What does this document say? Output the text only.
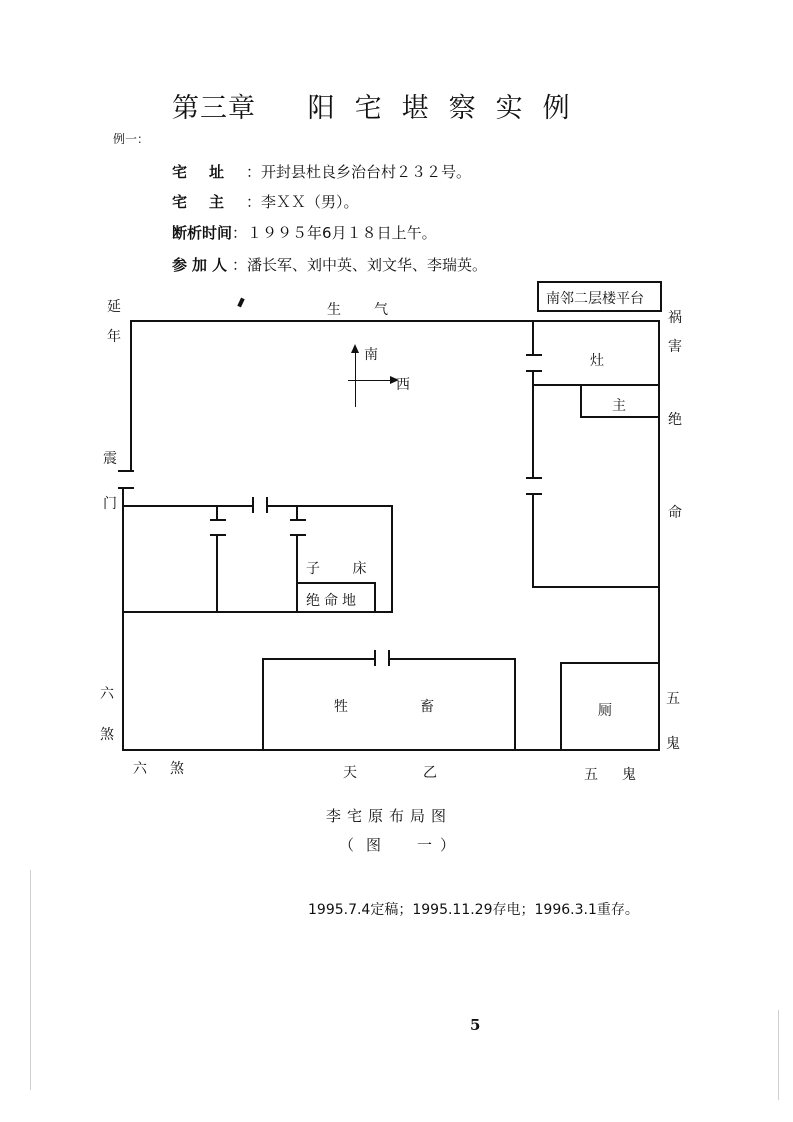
第三章 阳宅堪察实例
例一：
宅址：开封县杜良乡治台村２３２号。
宅主：李ＸＸ（男）。
断析时间：１９９５年6月１８日上午。
参加人：潘长军、刘中英、刘文华、李瑞英。
南邻二层楼平台
灶
主
南
西
子 床
绝命地
牲	畜	厕
延
年
生 气	祸
害
绝
命
震
门
六
煞
六 煞	天	乙	五 鬼
五
鬼
李宅原布局图
（ 图 一 ）
1995.7.4定稿；1995.11.29存电；1996.3.1重存。
5
